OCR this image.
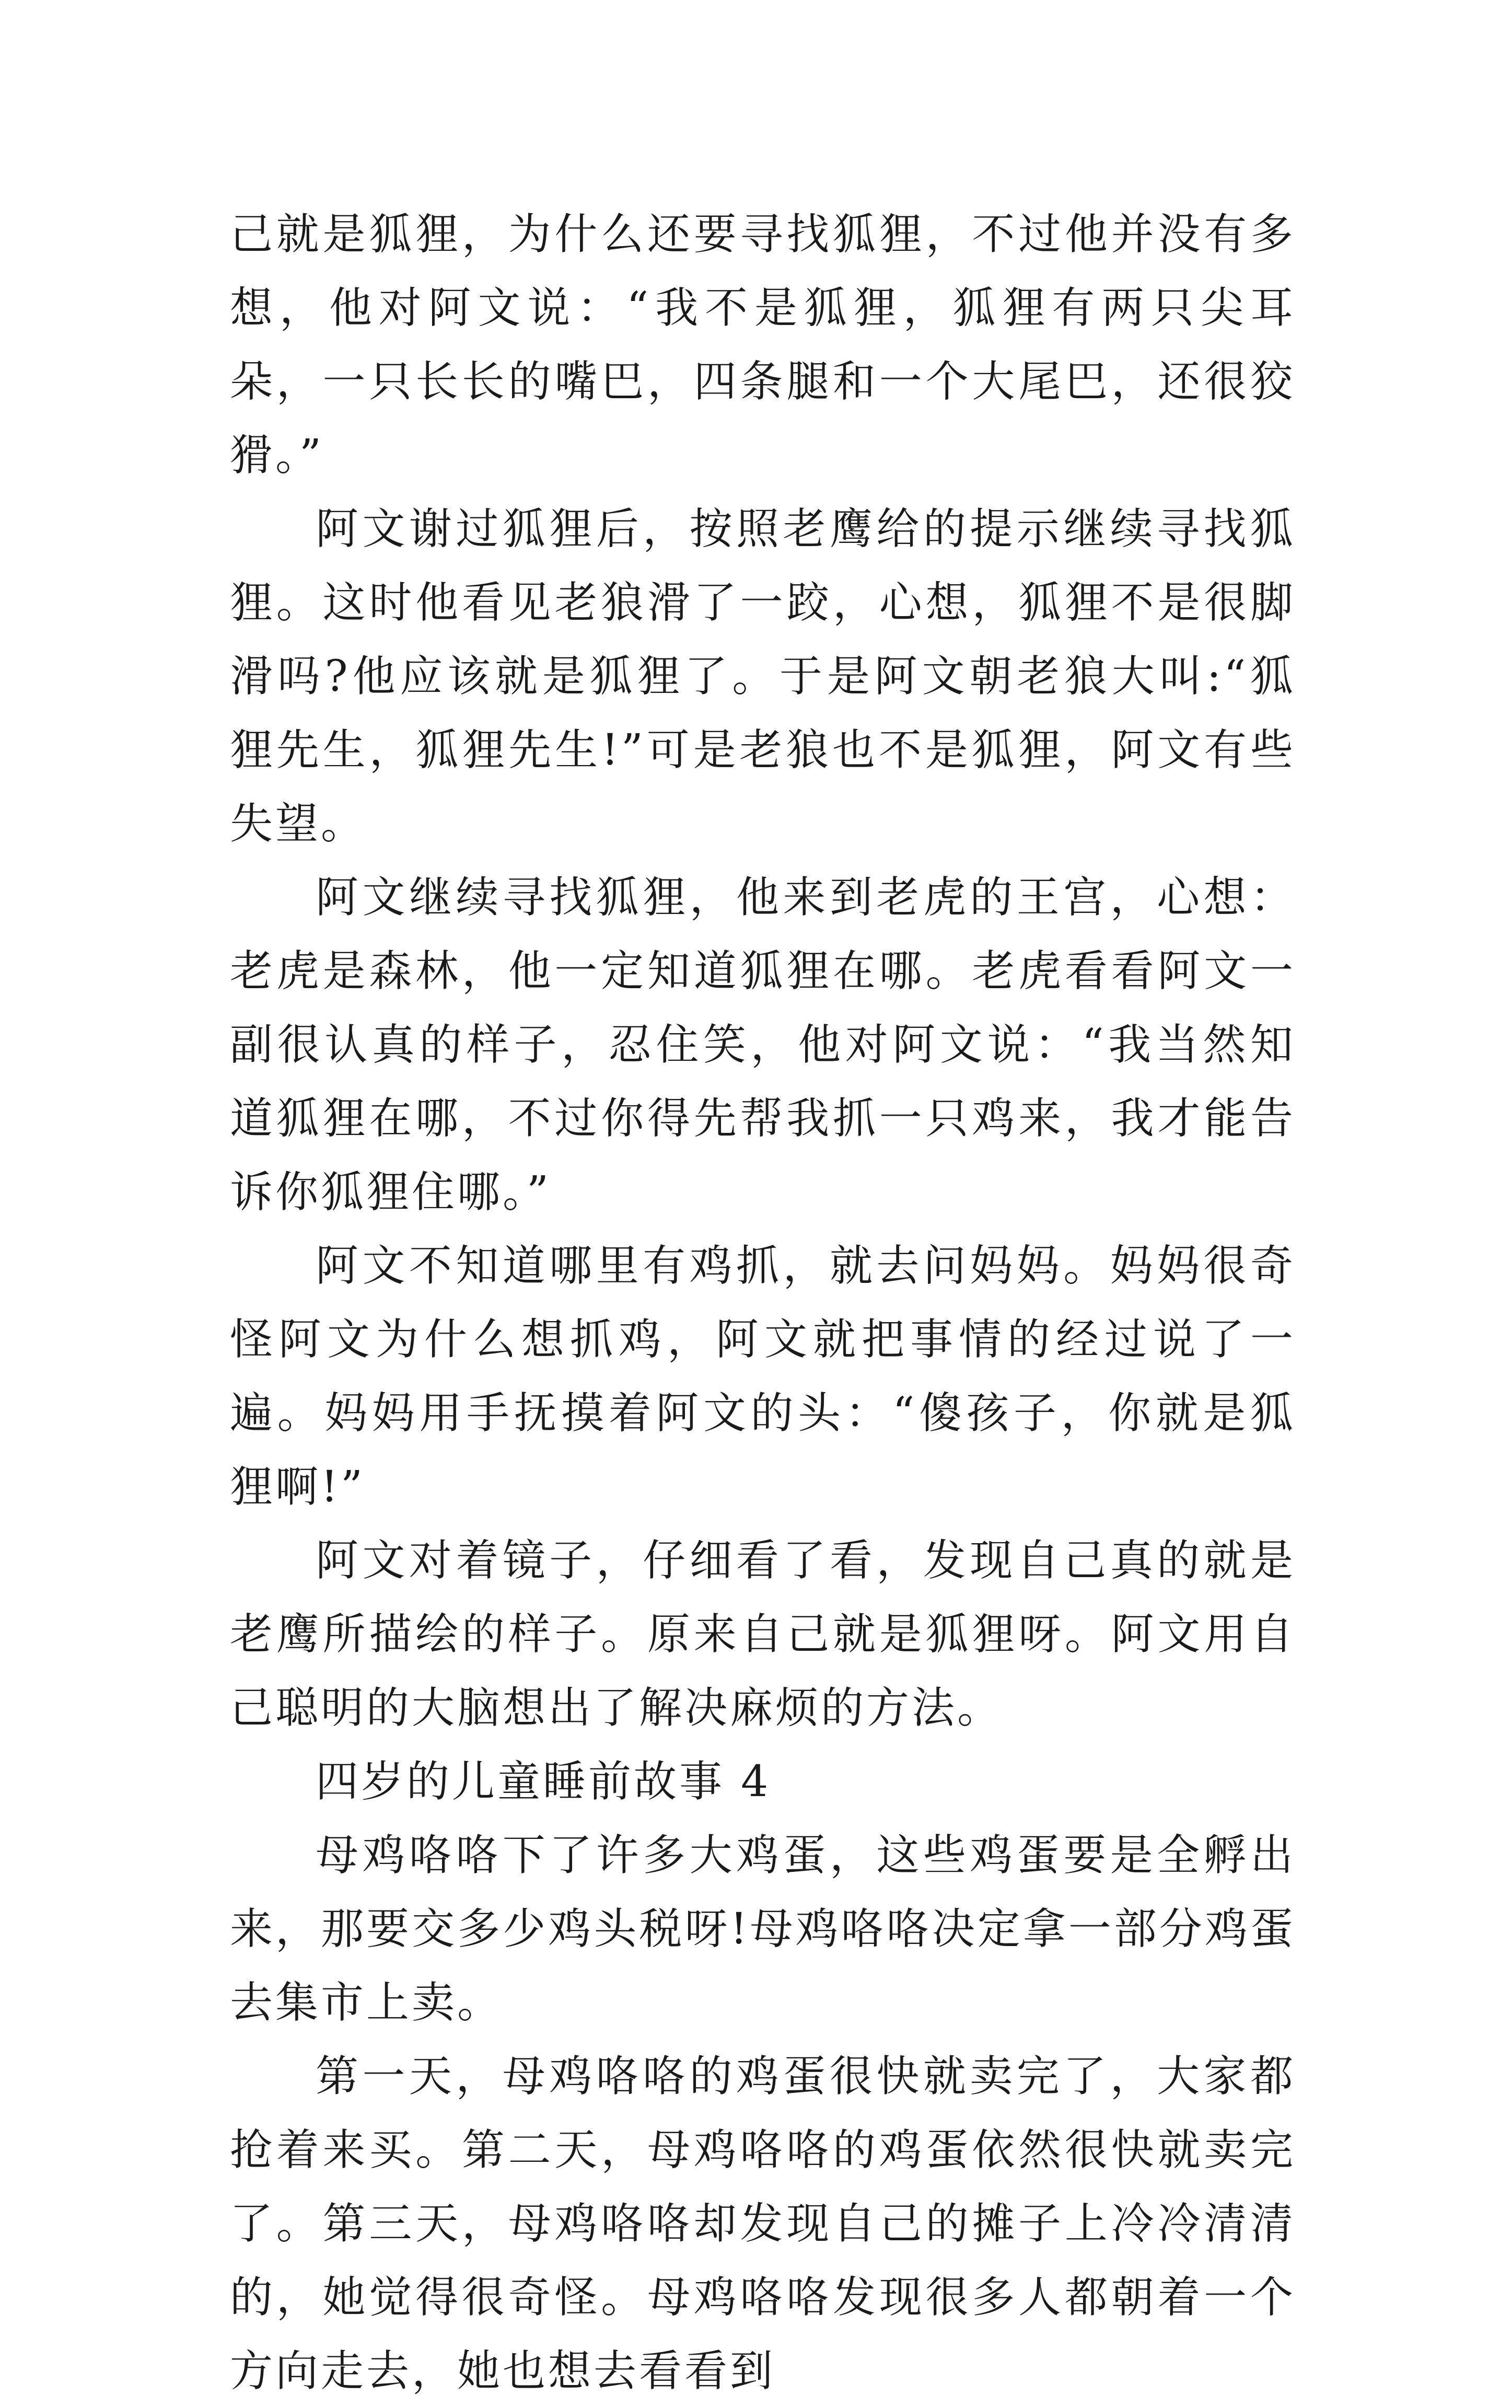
己就是狐狸，为什么还要寻找狐狸，不过他并没有多想，他对阿文说：“我不是狐狸，狐狸有两只尖耳朵，一只长长的嘴巴，四条腿和一个大尾巴，还很狡猾。”

阿文谢过狐狸后，按照老鹰给的提示继续寻找狐狸。这时他看见老狼滑了一跤，心想，狐狸不是很脚滑吗?他应该就是狐狸了。于是阿文朝老狼大叫:“狐狸先生，狐狸先生!”可是老狼也不是狐狸，阿文有些失望。

阿文继续寻找狐狸，他来到老虎的王宫，心想：老虎是森林，他一定知道狐狸在哪。老虎看看阿文一副很认真的样子，忍住笑，他对阿文说：“我当然知道狐狸在哪，不过你得先帮我抓一只鸡来，我才能告诉你狐狸住哪。”

阿文不知道哪里有鸡抓，就去问妈妈。妈妈很奇怪阿文为什么想抓鸡，阿文就把事情的经过说了一遍。妈妈用手抚摸着阿文的头：“傻孩子，你就是狐狸啊!”

阿文对着镜子，仔细看了看，发现自己真的就是老鹰所描绘的样子。原来自己就是狐狸呀。阿文用自己聪明的大脑想出了解决麻烦的方法。

四岁的儿童睡前故事 4

母鸡咯咯下了许多大鸡蛋，这些鸡蛋要是全孵出来，那要交多少鸡头税呀!母鸡咯咯决定拿一部分鸡蛋去集市上卖。

第一天，母鸡咯咯的鸡蛋很快就卖完了，大家都抢着来买。第二天，母鸡咯咯的鸡蛋依然很快就卖完了。第三天，母鸡咯咯却发现自己的摊子上冷冷清清的，她觉得很奇怪。母鸡咯咯发现很多人都朝着一个方向走去，她也想去看看到
